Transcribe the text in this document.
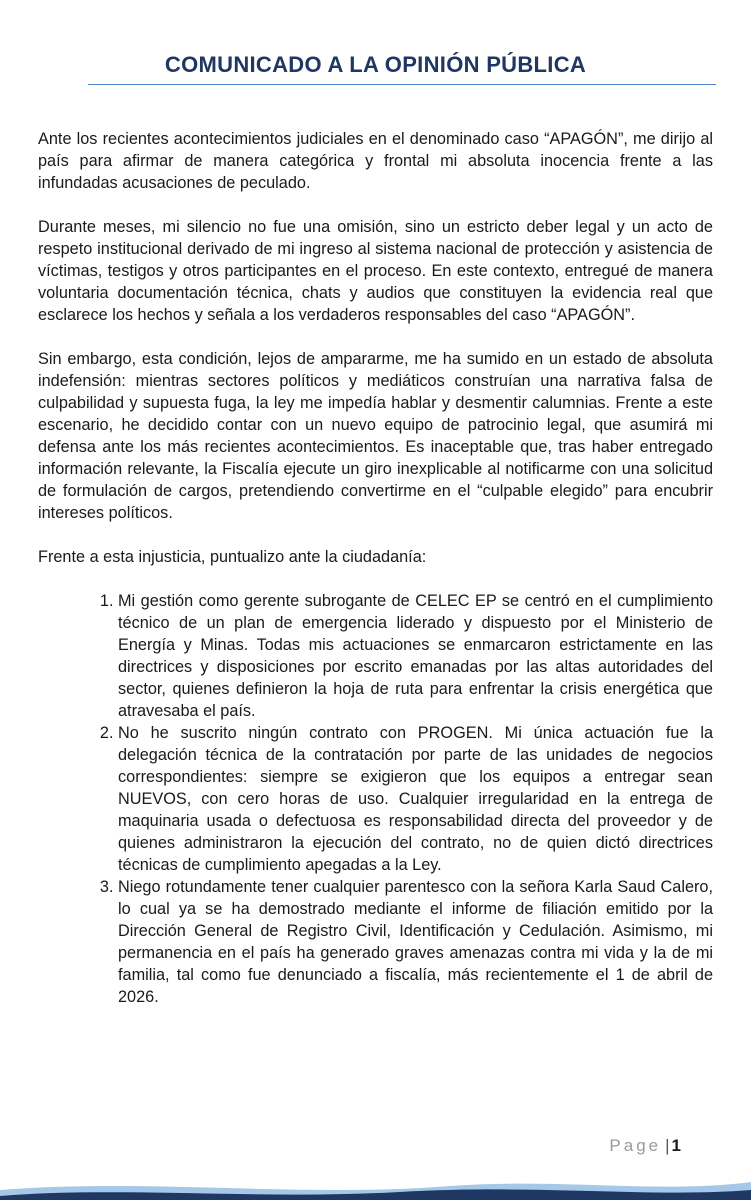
COMUNICADO A LA OPINIÓN PÚBLICA

Ante los recientes acontecimientos judiciales en el denominado caso “APAGÓN”, me dirijo al país para afirmar de manera categórica y frontal mi absoluta inocencia frente a las infundadas acusaciones de peculado.

Durante meses, mi silencio no fue una omisión, sino un estricto deber legal y un acto de respeto institucional derivado de mi ingreso al sistema nacional de protección y asistencia de víctimas, testigos y otros participantes en el proceso. En este contexto, entregué de manera voluntaria documentación técnica, chats y audios que constituyen la evidencia real que esclarece los hechos y señala a los verdaderos responsables del caso “APAGÓN”.

Sin embargo, esta condición, lejos de ampararme, me ha sumido en un estado de absoluta indefensión: mientras sectores políticos y mediáticos construían una narrativa falsa de culpabilidad y supuesta fuga, la ley me impedía hablar y desmentir calumnias. Frente a este escenario, he decidido contar con un nuevo equipo de patrocinio legal, que asumirá mi defensa ante los más recientes acontecimientos. Es inaceptable que, tras haber entregado información relevante, la Fiscalía ejecute un giro inexplicable al notificarme con una solicitud de formulación de cargos, pretendiendo convertirme en el “culpable elegido” para encubrir intereses políticos.

Frente a esta injusticia, puntualizo ante la ciudadanía:

1. Mi gestión como gerente subrogante de CELEC EP se centró en el cumplimiento técnico de un plan de emergencia liderado y dispuesto por el Ministerio de Energía y Minas. Todas mis actuaciones se enmarcaron estrictamente en las directrices y disposiciones por escrito emanadas por las altas autoridades del sector, quienes definieron la hoja de ruta para enfrentar la crisis energética que atravesaba el país.
2. No he suscrito ningún contrato con PROGEN. Mi única actuación fue la delegación técnica de la contratación por parte de las unidades de negocios correspondientes: siempre se exigieron que los equipos a entregar sean NUEVOS, con cero horas de uso. Cualquier irregularidad en la entrega de maquinaria usada o defectuosa es responsabilidad directa del proveedor y de quienes administraron la ejecución del contrato, no de quien dictó directrices técnicas de cumplimiento apegadas a la Ley.
3. Niego rotundamente tener cualquier parentesco con la señora Karla Saud Calero, lo cual ya se ha demostrado mediante el informe de filiación emitido por la Dirección General de Registro Civil, Identificación y Cedulación. Asimismo, mi permanencia en el país ha generado graves amenazas contra mi vida y la de mi familia, tal como fue denunciado a fiscalía, más recientemente el 1 de abril de 2026.
Page | 1
